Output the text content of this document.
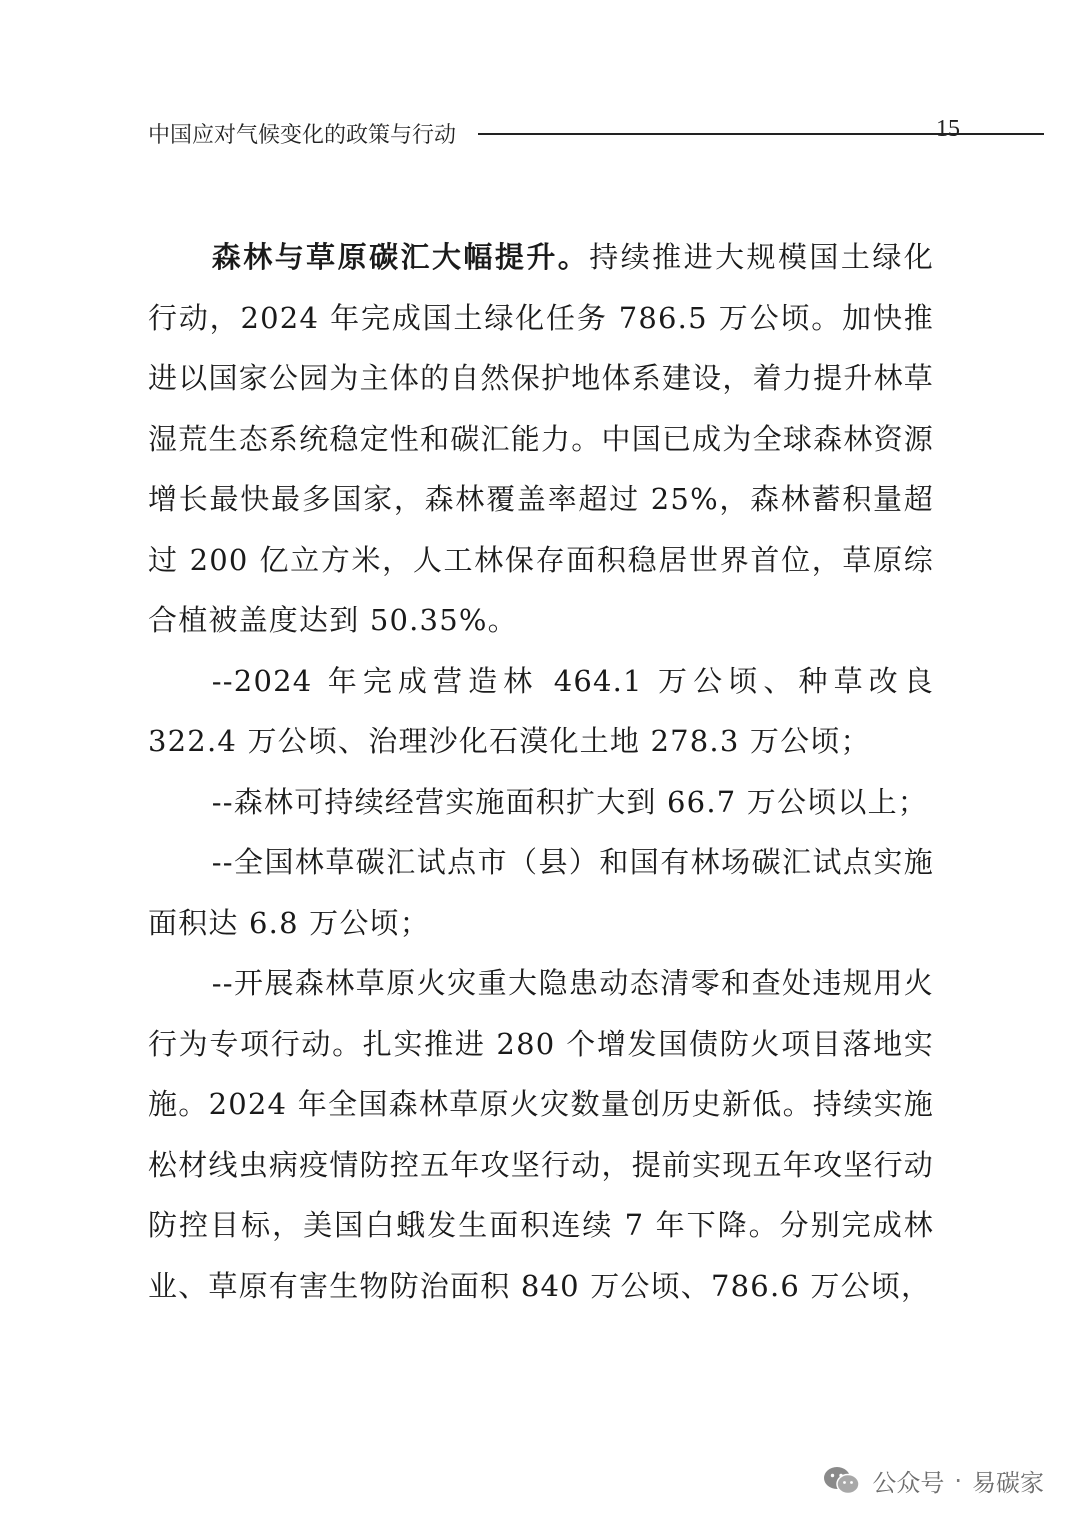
中国应对气候变化的政策与行动	15

森林与草原碳汇大幅提升。持续推进大规模国土绿化行动，2024 年完成国土绿化任务 786.5 万公顷。加快推进以国家公园为主体的自然保护地体系建设，着力提升林草湿荒生态系统稳定性和碳汇能力。中国已成为全球森林资源增长最快最多国家，森林覆盖率超过 25%，森林蓄积量超过 200 亿立方米，人工林保存面积稳居世界首位，草原综合植被盖度达到 50.35%。

--2024 年完成营造林 464.1 万公顷、种草改良 322.4 万公顷、治理沙化石漠化土地 278.3 万公顷；

--森林可持续经营实施面积扩大到 66.7 万公顷以上；

--全国林草碳汇试点市（县）和国有林场碳汇试点实施面积达 6.8 万公顷；

--开展森林草原火灾重大隐患动态清零和查处违规用火行为专项行动。扎实推进 280 个增发国债防火项目落地实施。2024 年全国森林草原火灾数量创历史新低。持续实施松材线虫病疫情防控五年攻坚行动，提前实现五年攻坚行动防控目标，美国白蛾发生面积连续 7 年下降。分别完成林业、草原有害生物防治面积 840 万公顷、786.6 万公顷，

公众号 · 易碳家
